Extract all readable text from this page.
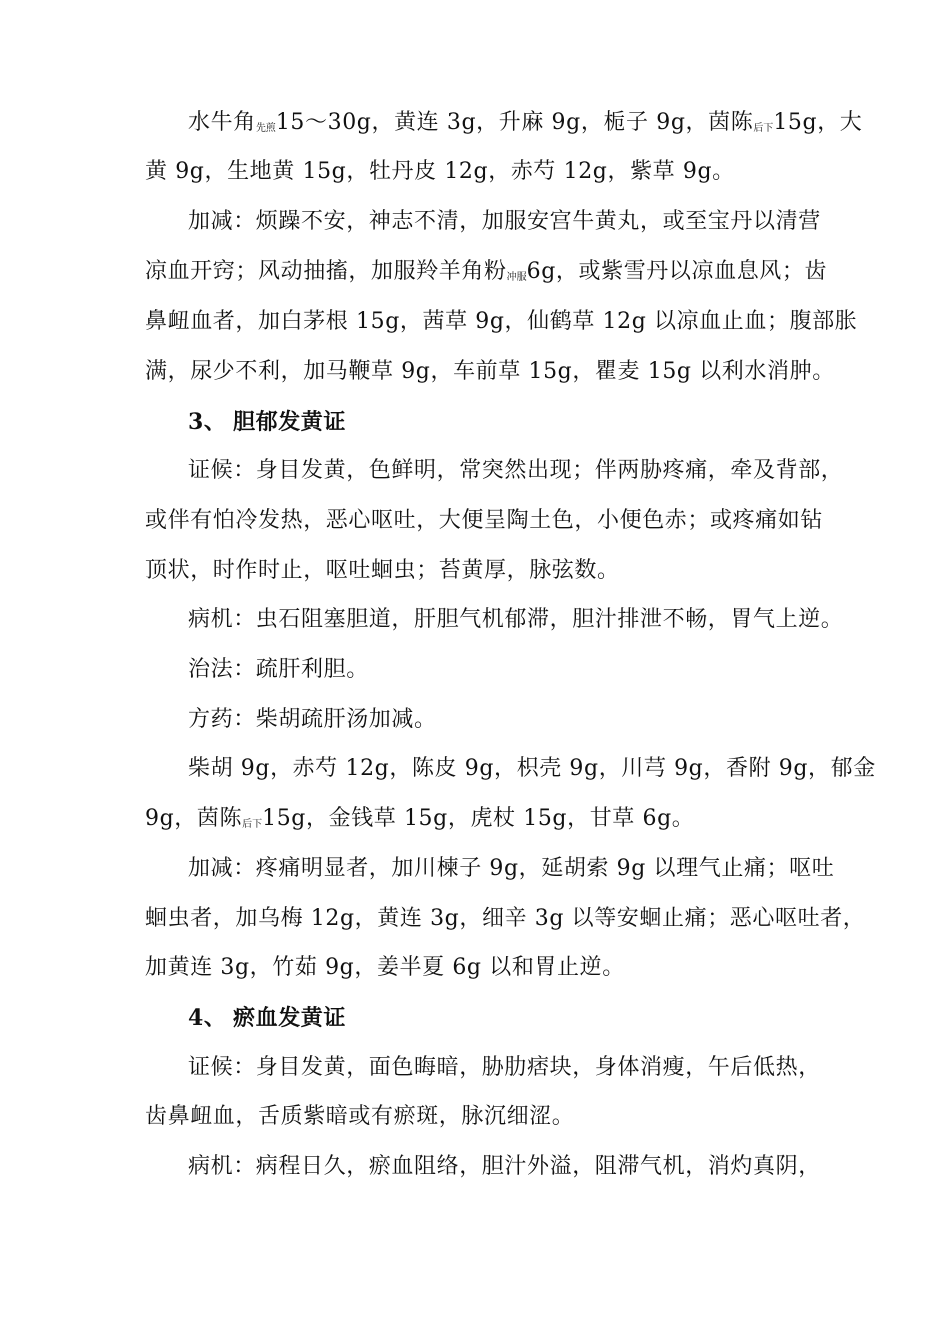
水牛角$_{先煎}$15～30g，黄连 3g，升麻 9g，栀子 9g，茵陈$_{后下}$15g，大
黄 9g，生地黄 15g，牡丹皮 12g，赤芍 12g，紫草 9g。
加减：烦躁不安，神志不清，加服安宫牛黄丸，或至宝丹以清营
凉血开窍；风动抽搐，加服羚羊角粉$_{冲服}$6g，或紫雪丹以凉血息风；齿
鼻衄血者，加白茅根 15g，茜草 9g，仙鹤草 12g 以凉血止血；腹部胀
满，尿少不利，加马鞭草 9g，车前草 15g，瞿麦 15g 以利水消肿。
3、 胆郁发黄证
证候：身目发黄，色鲜明，常突然出现；伴两胁疼痛，牵及背部，
或伴有怕冷发热，恶心呕吐，大便呈陶土色，小便色赤；或疼痛如钻
顶状，时作时止，呕吐蛔虫；苔黄厚，脉弦数。
病机：虫石阻塞胆道，肝胆气机郁滞，胆汁排泄不畅，胃气上逆。
治法：疏肝利胆。
方药：柴胡疏肝汤加减。
柴胡 9g，赤芍 12g，陈皮 9g，枳壳 9g，川芎 9g，香附 9g，郁金
9g，茵陈$_{后下}$15g，金钱草 15g，虎杖 15g，甘草 6g。
加减：疼痛明显者，加川楝子 9g，延胡索 9g 以理气止痛；呕吐
蛔虫者，加乌梅 12g，黄连 3g，细辛 3g 以等安蛔止痛；恶心呕吐者，
加黄连 3g，竹茹 9g，姜半夏 6g 以和胃止逆。
4、 瘀血发黄证
证候：身目发黄，面色晦暗，胁肋痞块，身体消瘦，午后低热，
齿鼻衄血，舌质紫暗或有瘀斑，脉沉细涩。
病机：病程日久，瘀血阻络，胆汁外溢，阻滞气机，消灼真阴，
